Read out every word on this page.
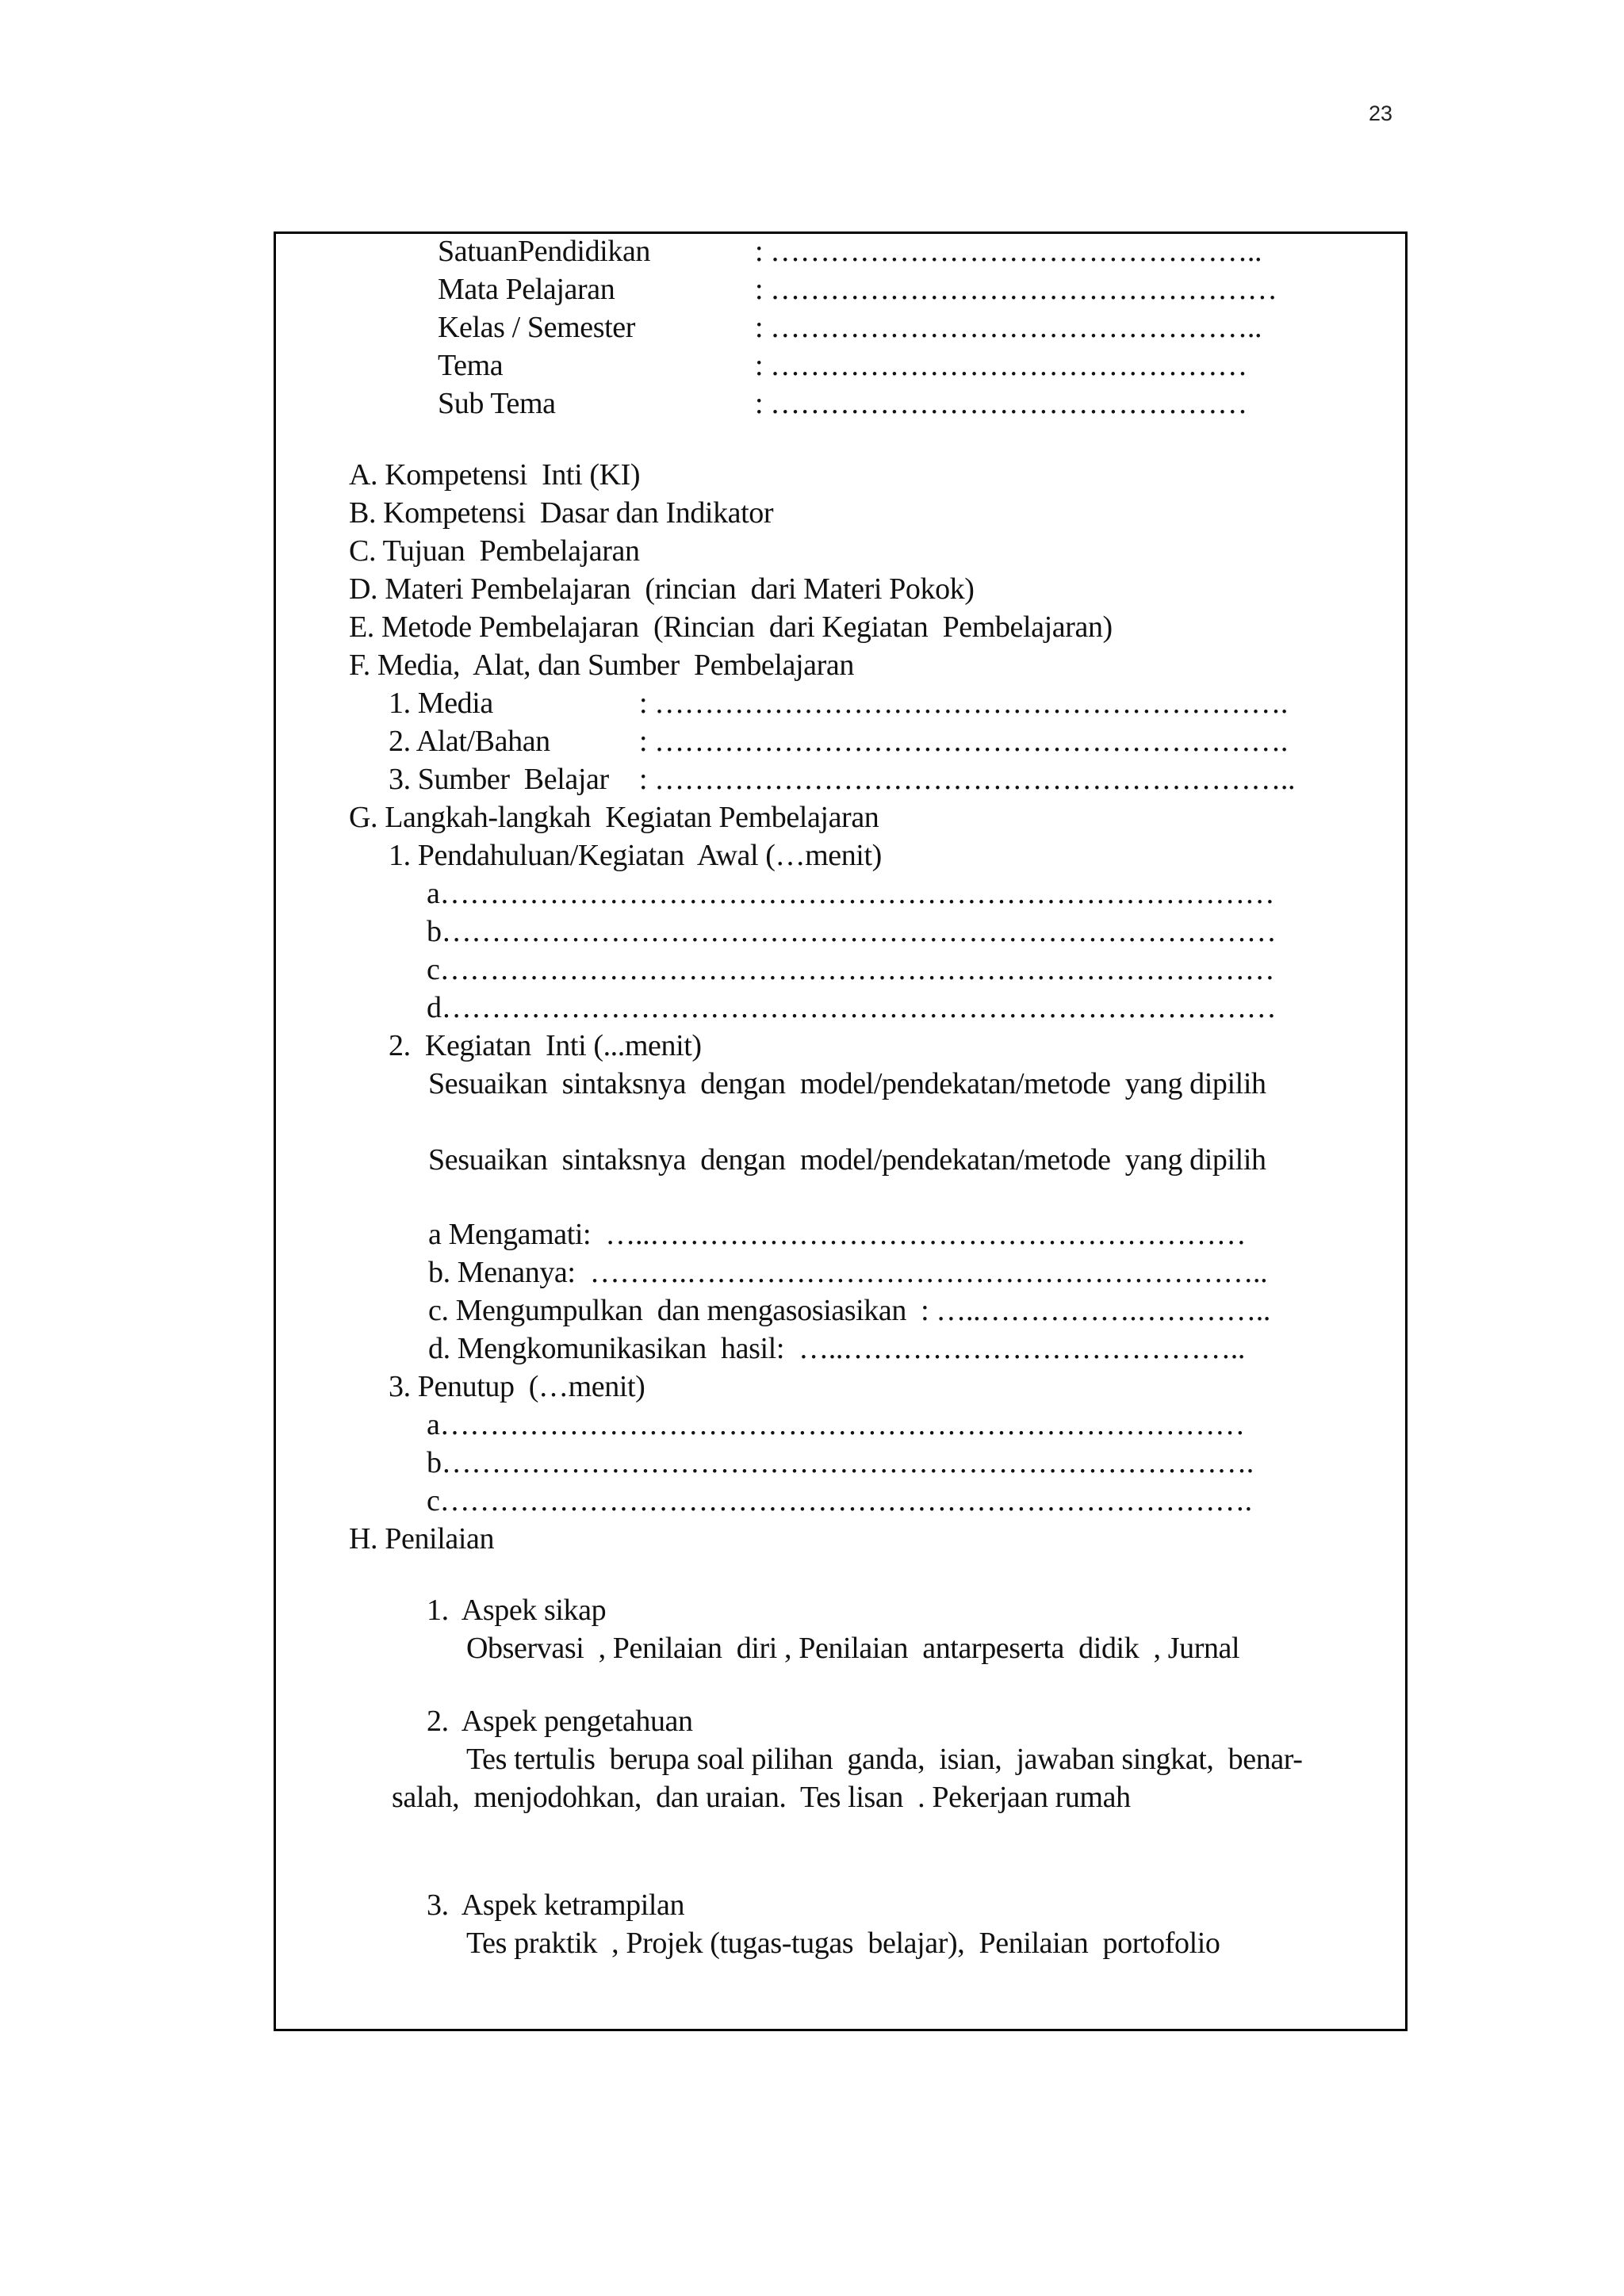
23
SatuanPendidikan	: …………………………………………..
Mata Pelajaran	: ……………………………………………
Kelas / Semester	: …………………………………………..
Tema	: …………………………………………
Sub Tema	: …………………………………………
A. Kompetensi  Inti (KI)
B. Kompetensi  Dasar dan Indikator
C. Tujuan  Pembelajaran
D. Materi Pembelajaran  (rincian  dari Materi Pokok)
E. Metode Pembelajaran  (Rincian  dari Kegiatan  Pembelajaran)
F. Media,  Alat, dan Sumber  Pembelajaran
1. Media	: ……………………………………………………….
2. Alat/Bahan	: ……………………………………………………….
3. Sumber  Belajar : ………………………………………………………..
G. Langkah-langkah  Kegiatan Pembelajaran
1. Pendahuluan/Kegiatan  Awal (…menit)
a…………………………………………………………………………
b…………………………………………………………………………
c…………………………………………………………………………
d…………………………………………………………………………
2.  Kegiatan  Inti (...menit)
Sesuaikan  sintaksnya  dengan  model/pendekatan/metode  yang dipilih
Sesuaikan  sintaksnya  dengan  model/pendekatan/metode  yang dipilih
a Mengamati:  …..……………………………………………………
b. Menanya:  ……….…………………………………………………..
c. Mengumpulkan  dan mengasosiasikan  : …..…………….…………..
d. Mengkomunikasikan  hasil:  …..…………………………………..
3. Penutup  (…menit)
a………………………………………………………………………
b……………………………………………………………………….
c……………………………………………………………………….
H. Penilaian
1.  Aspek sikap
Observasi  , Penilaian  diri , Penilaian  antarpeserta  didik  , Jurnal
2.  Aspek pengetahuan
Tes tertulis  berupa soal pilihan  ganda,  isian,  jawaban singkat,  benar-
salah,  menjodohkan,  dan uraian.  Tes lisan  . Pekerjaan rumah
3.  Aspek ketrampilan
Tes praktik  , Projek (tugas-tugas  belajar),  Penilaian  portofolio
